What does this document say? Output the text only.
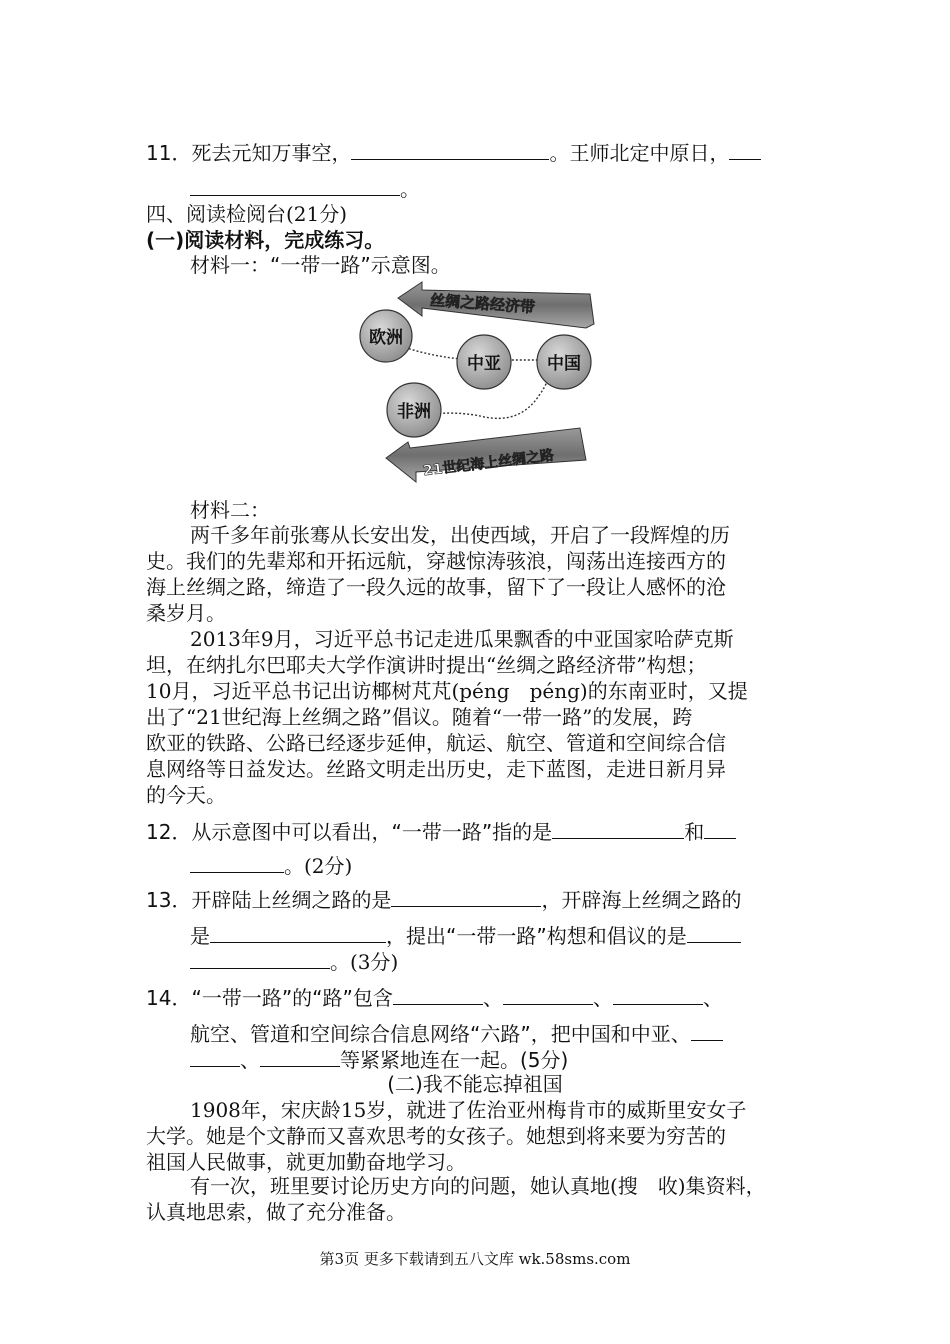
11．死去元知万事空，	。王师北定中原日，
。
四、阅读检阅台(21分)
(一)阅读材料，完成练习。
材料一：“一带一路”示意图。
丝绸之路经济带
21世纪海上丝绸之路
欧洲
中亚	中国
非洲
材料二：
两千多年前张骞从长安出发，出使西域，开启了一段辉煌的历
史。我们的先辈郑和开拓远航，穿越惊涛骇浪，闯荡出连接西方的
海上丝绸之路，缔造了一段久远的故事，留下了一段让人感怀的沧
桑岁月。
2013年9月，习近平总书记走进瓜果飘香的中亚国家哈萨克斯
坦，在纳扎尔巴耶夫大学作演讲时提出“丝绸之路经济带”构想；
10月，习近平总书记出访椰树芃芃(péng　péng)的东南亚时，又提
出了“21世纪海上丝绸之路”倡议。随着“一带一路”的发展，跨
欧亚的铁路、公路已经逐步延伸，航运、航空、管道和空间综合信
息网络等日益发达。丝路文明走出历史，走下蓝图，走进日新月异
的今天。
12．从示意图中可以看出，“一带一路”指的是	和
。(2分)
13．开辟陆上丝绸之路的是	，开辟海上丝绸之路的
是	，提出“一带一路”构想和倡议的是
。(3分)
14．“一带一路”的“路”包含	、	、	、
航空、管道和空间综合信息网络“六路”，把中国和中亚、
、	等紧紧地连在一起。(5分)
(二)我不能忘掉祖国
1908年，宋庆龄15岁，就进了佐治亚州梅肯市的威斯里安女子
大学。她是个文静而又喜欢思考的女孩子。她想到将来要为穷苦的
祖国人民做事，就更加勤奋地学习。
有一次，班里要讨论历史方向的问题，她认真地(搜　收)集资料，
认真地思索，做了充分准备。
第3页 更多下载请到五八文库 wk.58sms.com
